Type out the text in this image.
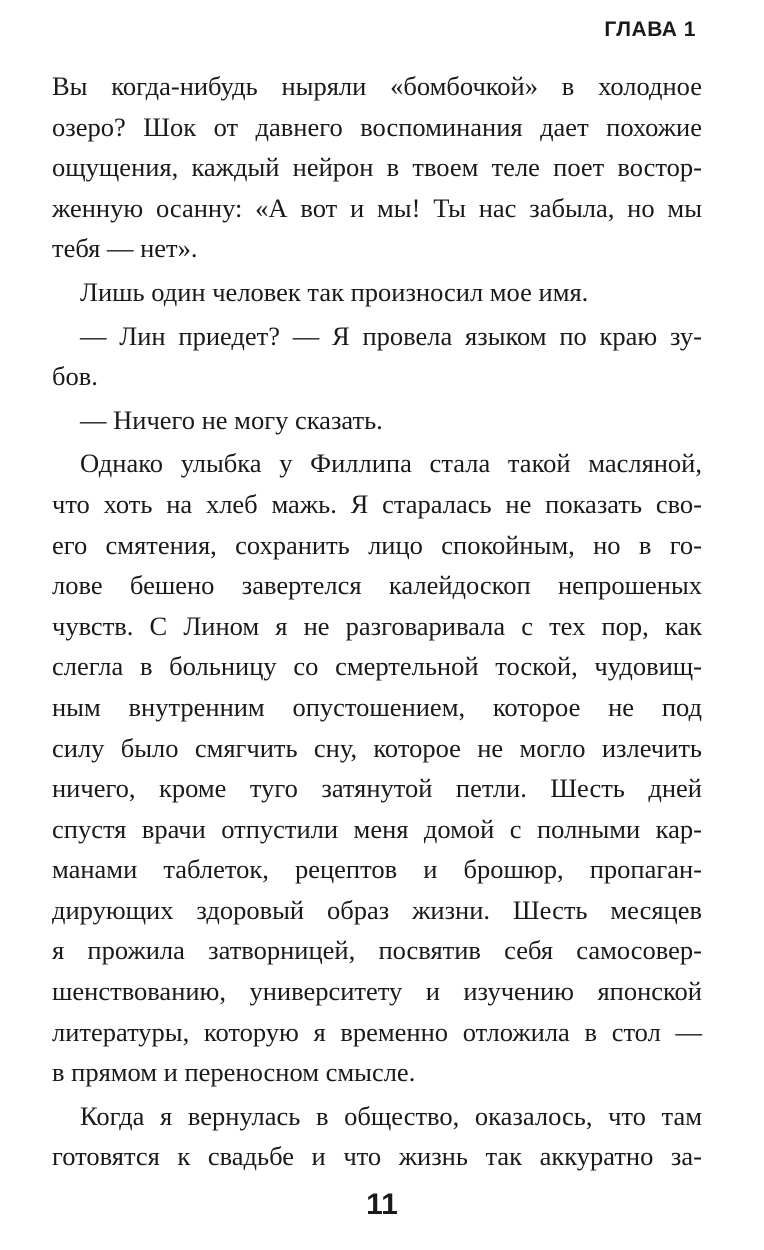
ГЛАВА 1
Вы когда-нибудь ныряли «бомбочкой» в холодное
озеро? Шок от давнего воспоминания дает похожие
ощущения, каждый нейрон в твоем теле поет востор-
женную осанну: «А вот и мы! Ты нас забыла, но мы
тебя — нет».
Лишь один человек так произносил мое имя.
— Лин приедет? — Я провела языком по краю зу-
бов.
— Ничего не могу сказать.
Однако улыбка у Филлипа стала такой масляной,
что хоть на хлеб мажь. Я старалась не показать сво-
его смятения, сохранить лицо спокойным, но в го-
лове бешено завертелся калейдоскоп непрошеных
чувств. С Лином я не разговаривала с тех пор, как
слегла в больницу со смертельной тоской, чудовищ-
ным внутренним опустошением, которое не под
силу было смягчить сну, которое не могло излечить
ничего, кроме туго затянутой петли. Шесть дней
спустя врачи отпустили меня домой с полными кар-
манами таблеток, рецептов и брошюр, пропаган-
дирующих здоровый образ жизни. Шесть месяцев
я прожила затворницей, посвятив себя самосовер-
шенствованию, университету и изучению японской
литературы, которую я временно отложила в стол —
в прямом и переносном смысле.
Когда я вернулась в общество, оказалось, что там
готовятся к свадьбе и что жизнь так аккуратно за-
11
